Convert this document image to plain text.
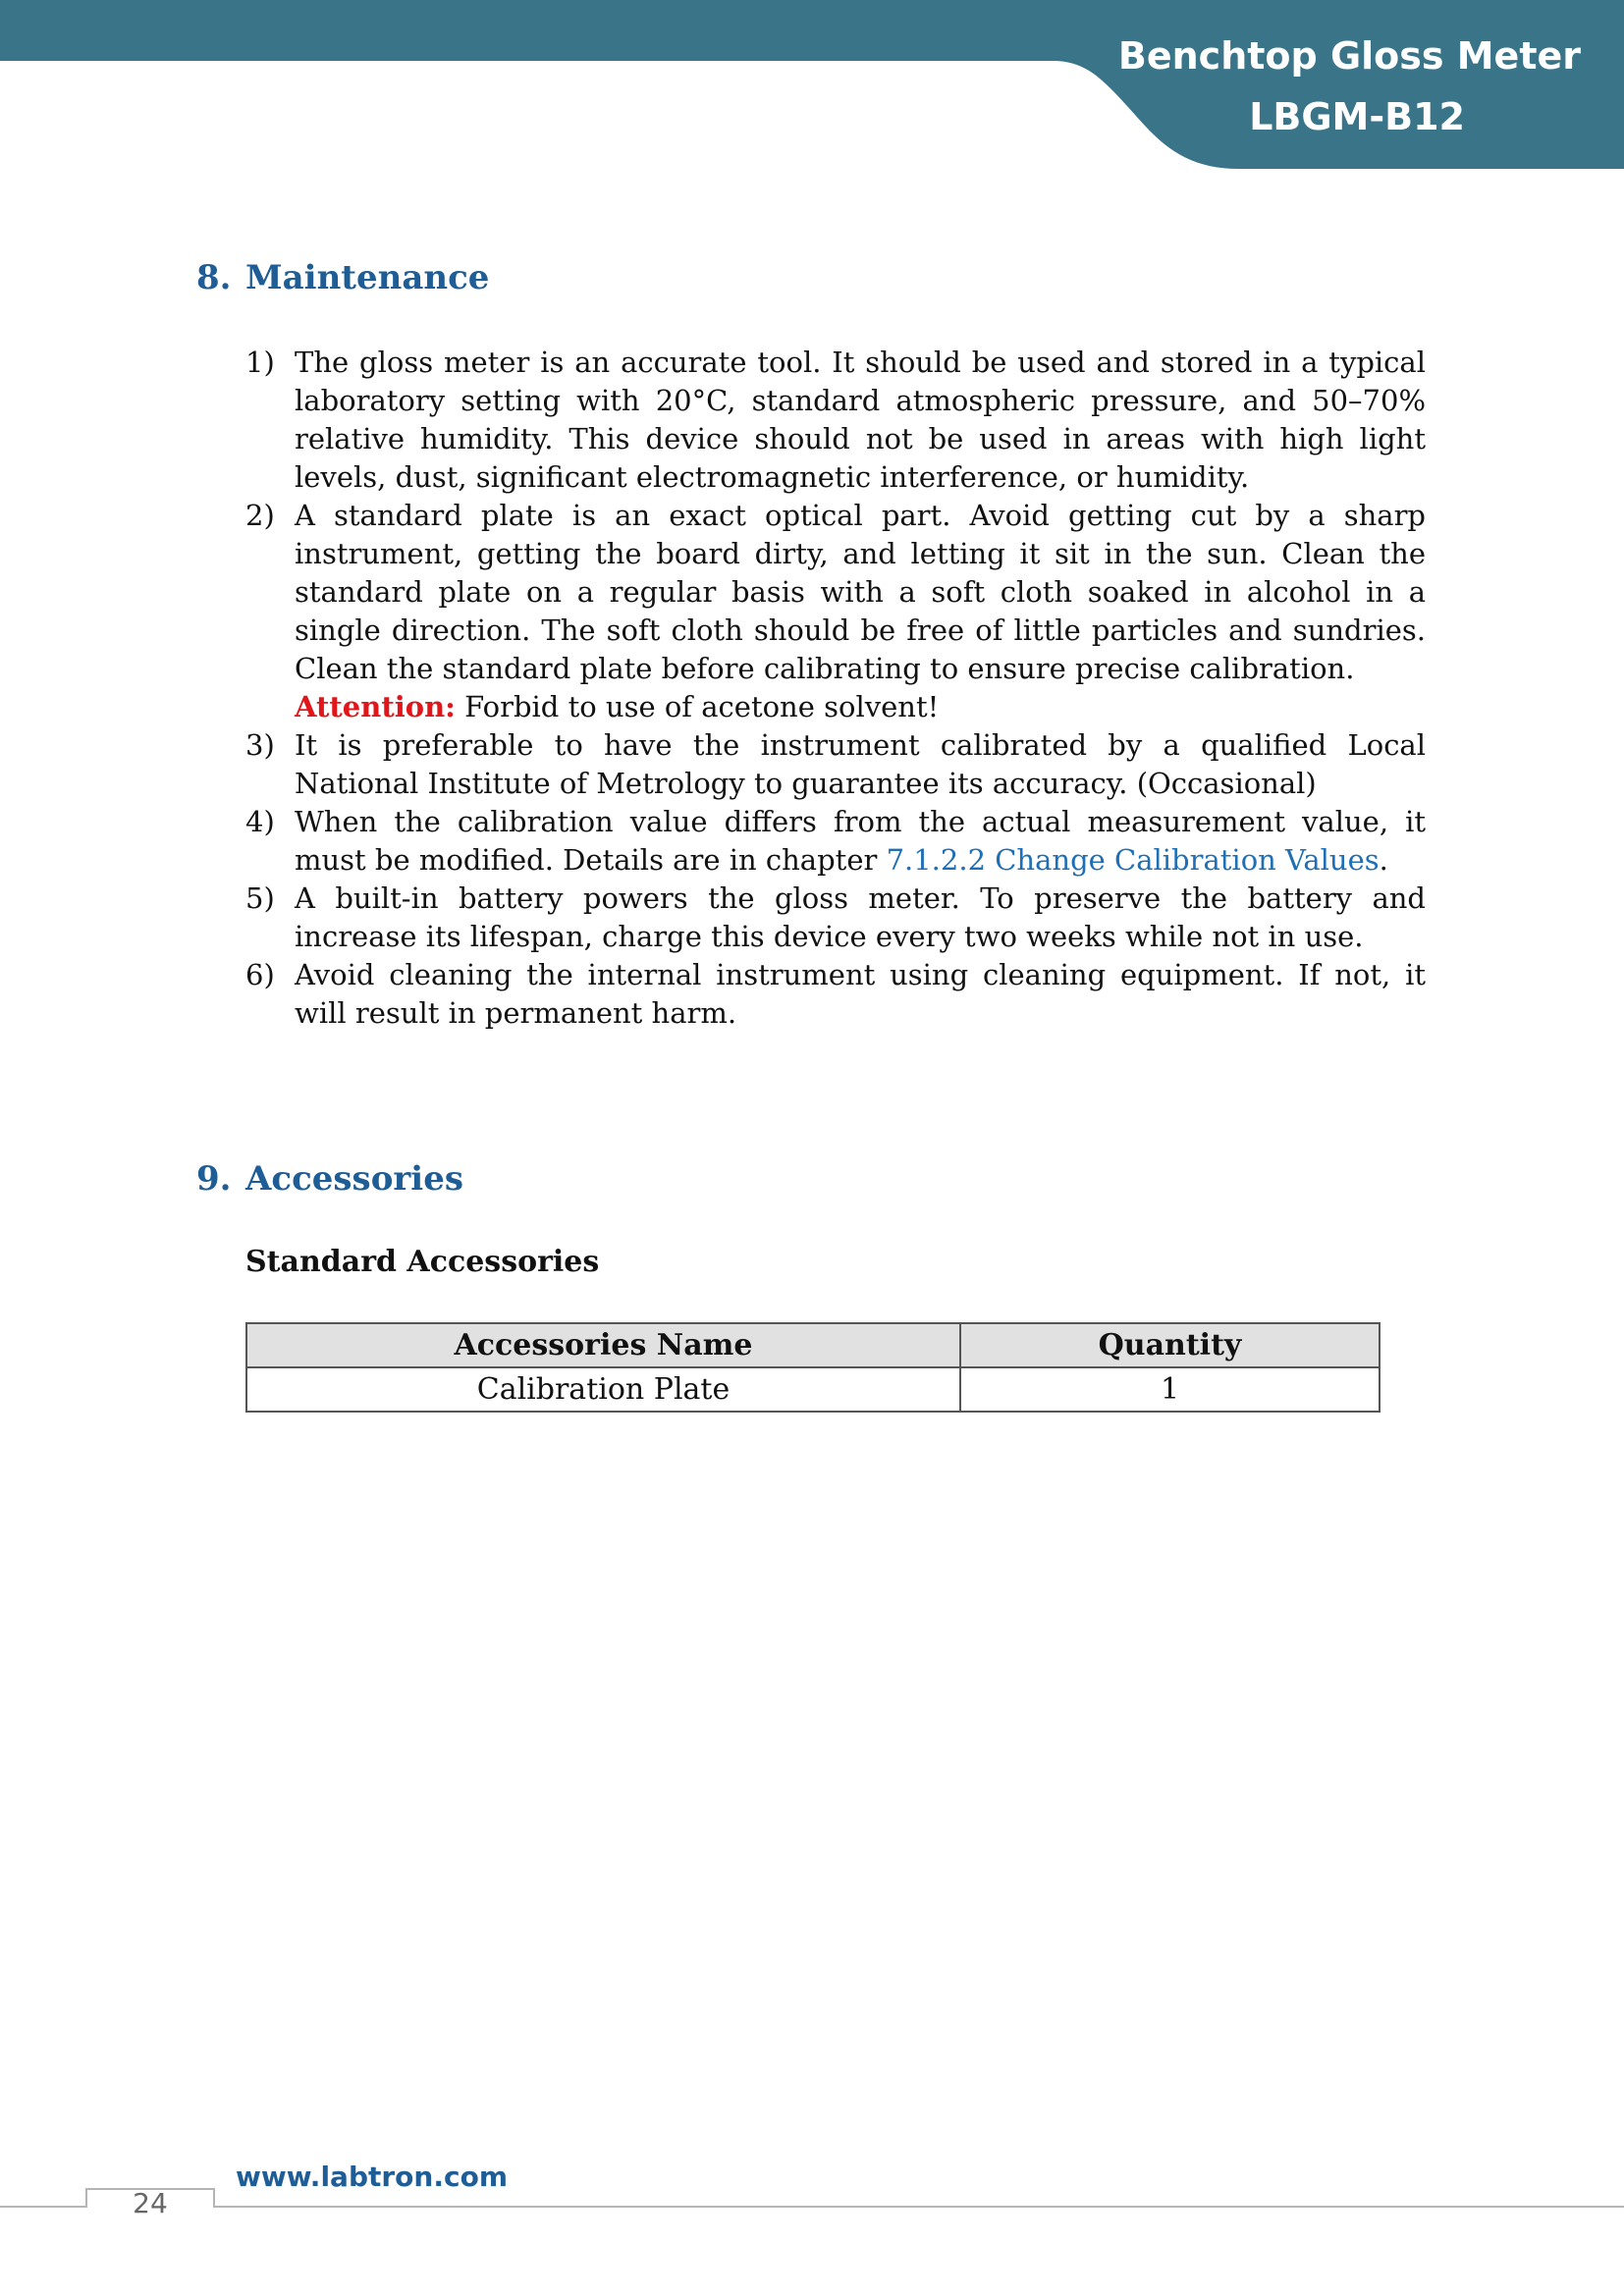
Benchtop Gloss Meter
LBGM-B12
8. Maintenance
1) The gloss meter is an accurate tool. It should be used and stored in a typical laboratory setting with 20°C, standard atmospheric pressure, and 50–70% relative humidity. This device should not be used in areas with high light levels, dust, significant electromagnetic interference, or humidity.
2) A standard plate is an exact optical part. Avoid getting cut by a sharp instrument, getting the board dirty, and letting it sit in the sun. Clean the standard plate on a regular basis with a soft cloth soaked in alcohol in a single direction. The soft cloth should be free of little particles and sundries. Clean the standard plate before calibrating to ensure precise calibration.
Attention: Forbid to use of acetone solvent!
3) It is preferable to have the instrument calibrated by a qualified Local National Institute of Metrology to guarantee its accuracy. (Occasional)
4) When the calibration value differs from the actual measurement value, it must be modified. Details are in chapter 7.1.2.2 Change Calibration Values.
5) A built-in battery powers the gloss meter. To preserve the battery and increase its lifespan, charge this device every two weeks while not in use.
6) Avoid cleaning the internal instrument using cleaning equipment. If not, it will result in permanent harm.
9. Accessories
Standard Accessories
Accessories Name	Quantity
Calibration Plate	1
24
www.labtron.com
